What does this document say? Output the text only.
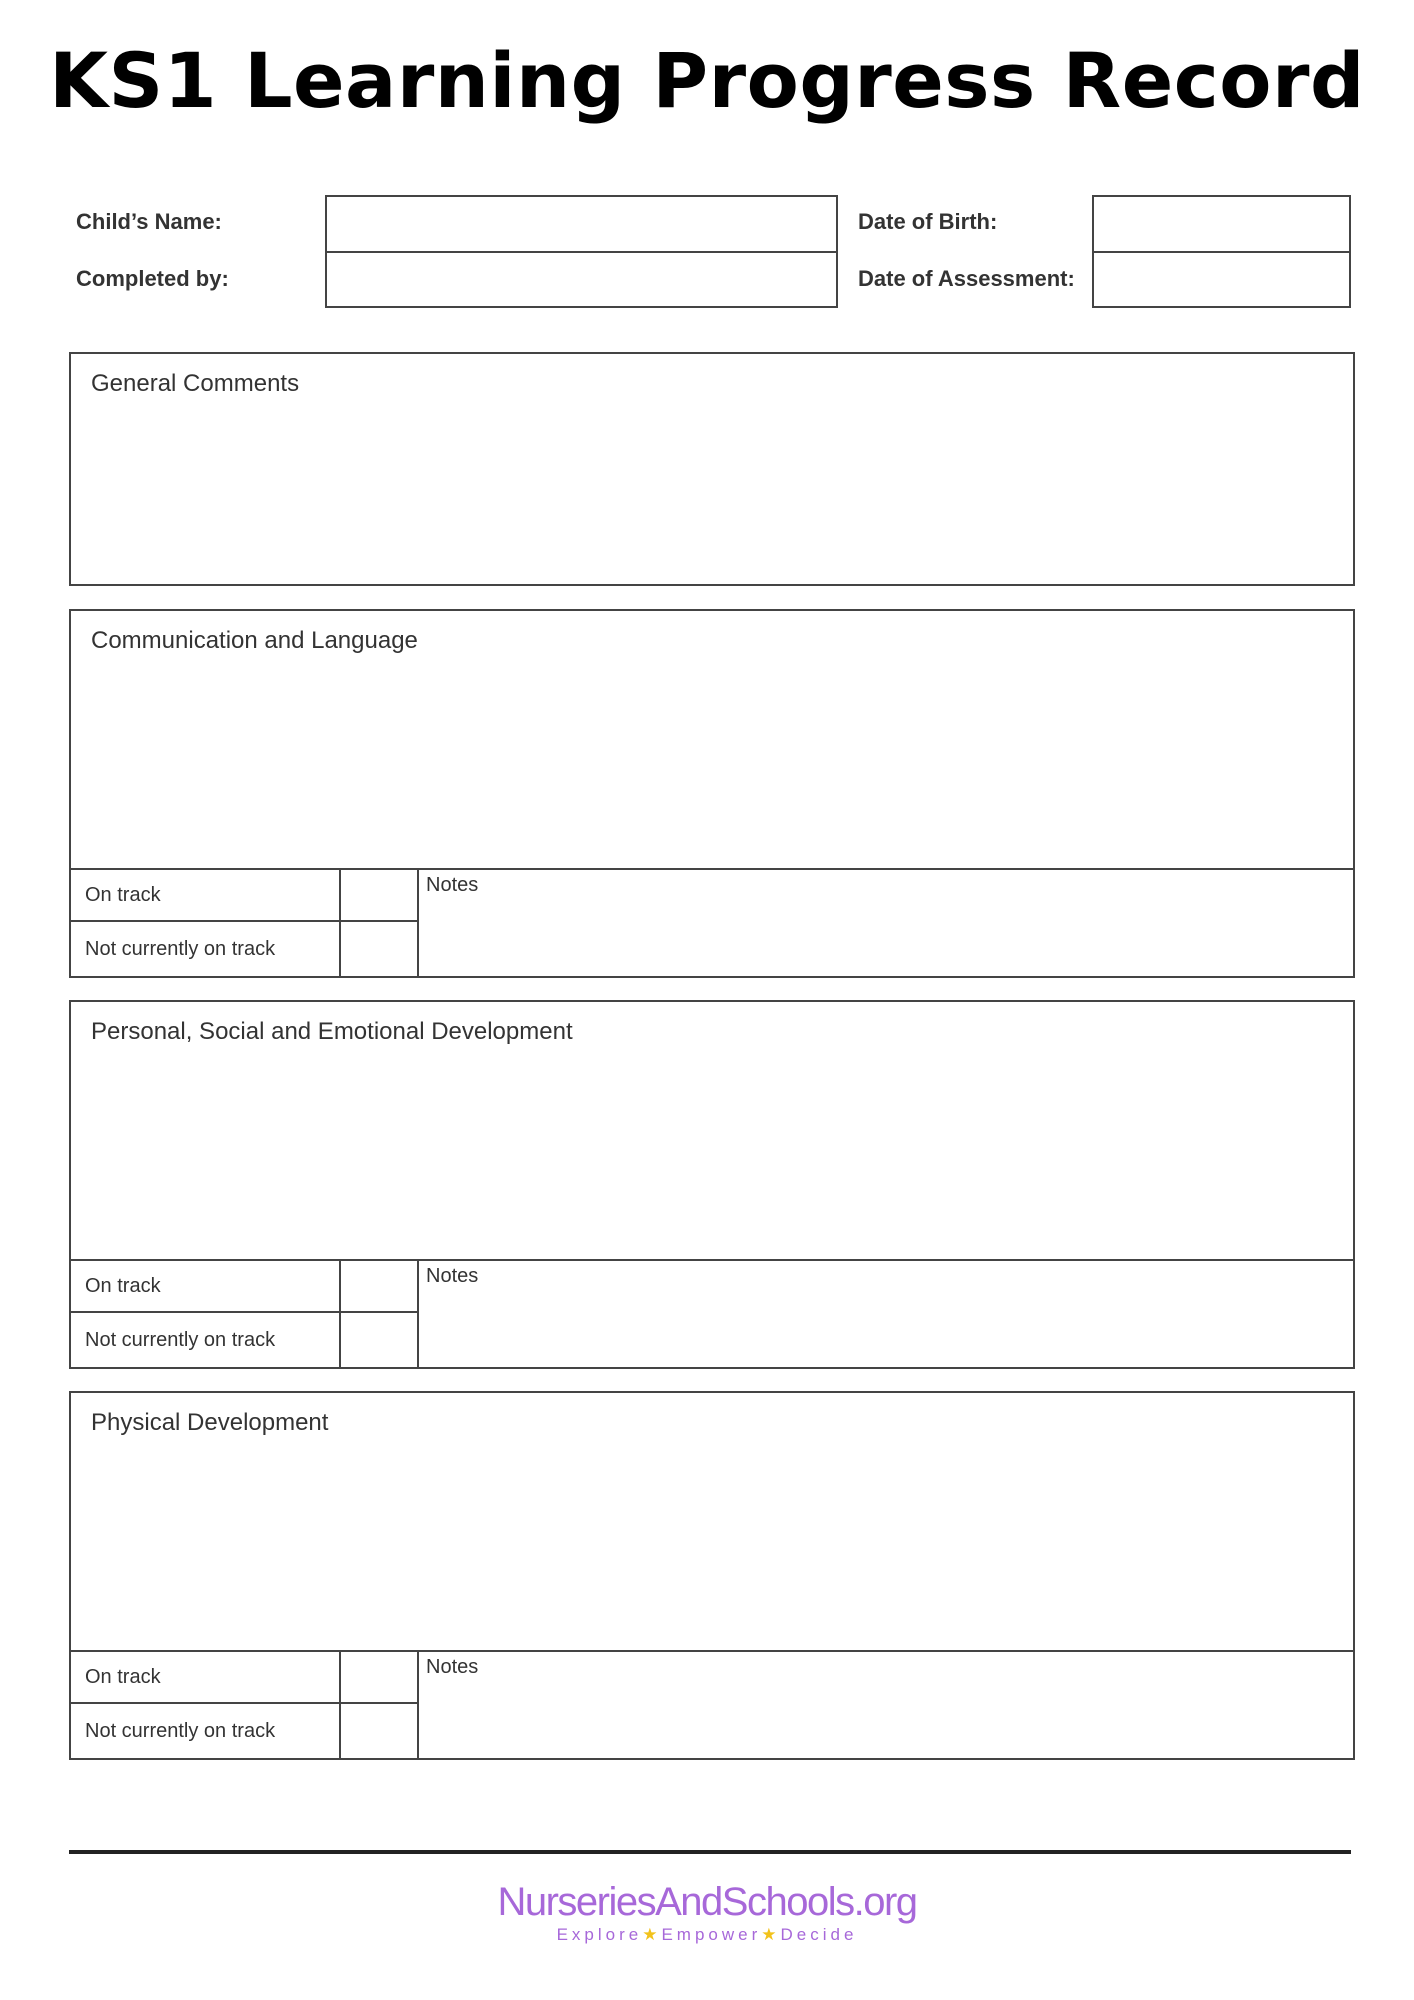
KS1 Learning Progress Record
Child’s Name:
Completed by:
Date of Birth:
Date of Assessment:
General Comments
Communication and Language
On track
Not currently on track
Notes
Personal, Social and Emotional Development
On track
Not currently on track
Notes
Physical Development
On track
Not currently on track
Notes
NurseriesAndSchools.org
Explore★Empower★Decide
